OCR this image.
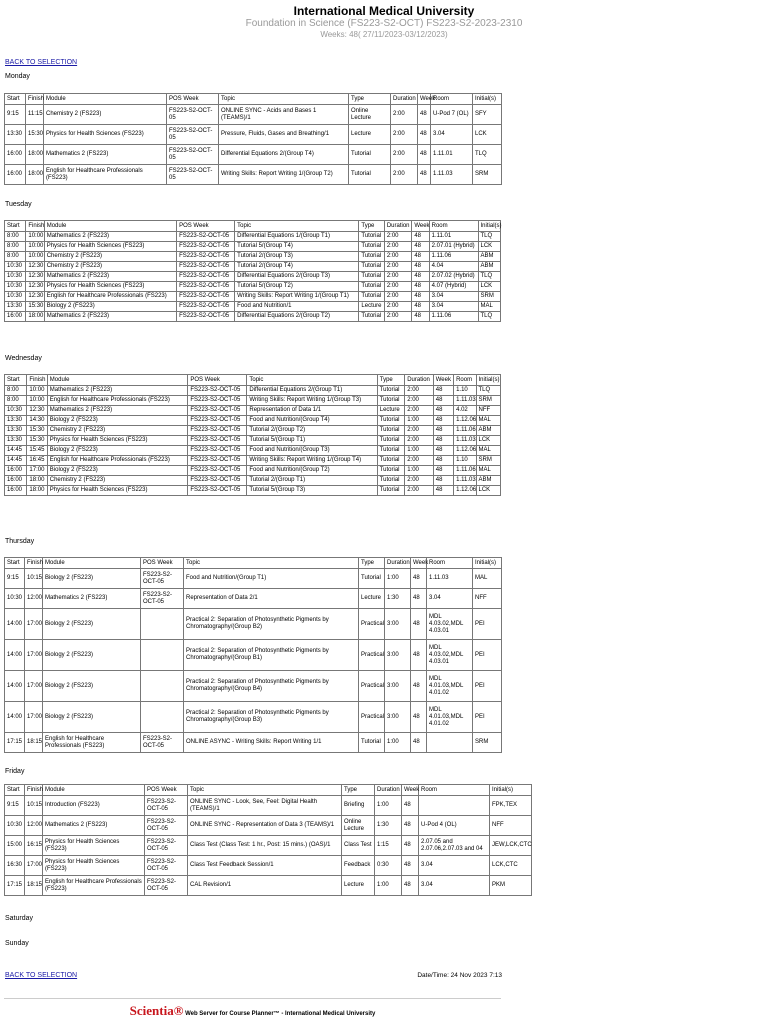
International Medical University
Foundation in Science (FS223-S2-OCT) FS223-S2-2023-2310
Weeks: 48( 27/11/2023-03/12/2023)
BACK TO SELECTION
Monday
Start	Finish	Module	POS Week	Topic	Type	Duration	Week	Room	Initial(s)
9:15	11:15	Chemistry 2 (FS223)	FS223-S2-OCT-05	ONLINE SYNC - Acids and Bases 1 (TEAMS)/1	Online Lecture	2:00	48	U-Pod 7 (OL)	SFY
13:30	15:30	Physics for Health Sciences (FS223)	FS223-S2-OCT-05	Pressure, Fluids, Gases and Breathing/1	Lecture	2:00	48	3.04	LCK
16:00	18:00	Mathematics 2 (FS223)	FS223-S2-OCT-05	Differential Equations 2/(Group T4)	Tutorial	2:00	48	1.11.01	TLQ
16:00	18:00	English for Healthcare Professionals (FS223)	FS223-S2-OCT-05	Writing Skills: Report Writing 1/(Group T2)	Tutorial	2:00	48	1.11.03	SRM
Tuesday
Start	Finish	Module	POS Week	Topic	Type	Duration	Week	Room	Initial(s)
8:00	10:00	Mathematics 2 (FS223)	FS223-S2-OCT-05	Differential Equations 1/(Group T1)	Tutorial	2:00	48	1.11.01	TLQ
8:00	10:00	Physics for Health Sciences (FS223)	FS223-S2-OCT-05	Tutorial 5/(Group T4)	Tutorial	2:00	48	2.07.01 (Hybrid)	LCK
8:00	10:00	Chemistry 2 (FS223)	FS223-S2-OCT-05	Tutorial 2/(Group T3)	Tutorial	2:00	48	1.11.06	ABM
10:30	12:30	Chemistry 2 (FS223)	FS223-S2-OCT-05	Tutorial 2/(Group T4)	Tutorial	2:00	48	4.04	ABM
10:30	12:30	Mathematics 2 (FS223)	FS223-S2-OCT-05	Differential Equations 2/(Group T3)	Tutorial	2:00	48	2.07.02 (Hybrid)	TLQ
10:30	12:30	Physics for Health Sciences (FS223)	FS223-S2-OCT-05	Tutorial 5/(Group T2)	Tutorial	2:00	48	4.07 (Hybrid)	LCK
10:30	12:30	English for Healthcare Professionals (FS223)	FS223-S2-OCT-05	Writing Skills: Report Writing 1/(Group T1)	Tutorial	2:00	48	3.04	SRM
13:30	15:30	Biology 2 (FS223)	FS223-S2-OCT-05	Food and Nutrition/1	Lecture	2:00	48	3.04	MAL
16:00	18:00	Mathematics 2 (FS223)	FS223-S2-OCT-05	Differential Equations 2/(Group T2)	Tutorial	2:00	48	1.11.06	TLQ
Wednesday
Start	Finish	Module	POS Week	Topic	Type	Duration	Week	Room	Initial(s)
8:00	10:00	Mathematics 2 (FS223)	FS223-S2-OCT-05	Differential Equations 2/(Group T1)	Tutorial	2:00	48	1.10	TLQ
8:00	10:00	English for Healthcare Professionals (FS223)	FS223-S2-OCT-05	Writing Skills: Report Writing 1/(Group T3)	Tutorial	2:00	48	1.11.03	SRM
10:30	12:30	Mathematics 2 (FS223)	FS223-S2-OCT-05	Representation of Data 1/1	Lecture	2:00	48	4.02	NFF
13:30	14:30	Biology 2 (FS223)	FS223-S2-OCT-05	Food and Nutrition/(Group T4)	Tutorial	1:00	48	1.12.06	MAL
13:30	15:30	Chemistry 2 (FS223)	FS223-S2-OCT-05	Tutorial 2/(Group T2)	Tutorial	2:00	48	1.11.06	ABM
13:30	15:30	Physics for Health Sciences (FS223)	FS223-S2-OCT-05	Tutorial 5/(Group T1)	Tutorial	2:00	48	1.11.03	LCK
14:45	15:45	Biology 2 (FS223)	FS223-S2-OCT-05	Food and Nutrition/(Group T3)	Tutorial	1:00	48	1.12.06	MAL
14:45	16:45	English for Healthcare Professionals (FS223)	FS223-S2-OCT-05	Writing Skills: Report Writing 1/(Group T4)	Tutorial	2:00	48	1.10	SRM
16:00	17:00	Biology 2 (FS223)	FS223-S2-OCT-05	Food and Nutrition/(Group T2)	Tutorial	1:00	48	1.11.06	MAL
16:00	18:00	Chemistry 2 (FS223)	FS223-S2-OCT-05	Tutorial 2/(Group T1)	Tutorial	2:00	48	1.11.03	ABM
16:00	18:00	Physics for Health Sciences (FS223)	FS223-S2-OCT-05	Tutorial 5/(Group T3)	Tutorial	2:00	48	1.12.06	LCK
Thursday
Start	Finish	Module	POS Week	Topic	Type	Duration	Week	Room	Initial(s)
9:15	10:15	Biology 2 (FS223)	FS223-S2-OCT-05	Food and Nutrition/(Group T1)	Tutorial	1:00	48	1.11.03	MAL
10:30	12:00	Mathematics 2 (FS223)	FS223-S2-OCT-05	Representation of Data 2/1	Lecture	1:30	48	3.04	NFF
14:00	17:00	Biology 2 (FS223)		Practical 2: Separation of Photosynthetic Pigments by Chromatography/(Group B2)	Practical	3:00	48	MDL 4.03.02,MDL 4.03.01	PEI
14:00	17:00	Biology 2 (FS223)		Practical 2: Separation of Photosynthetic Pigments by Chromatography/(Group B1)	Practical	3:00	48	MDL 4.03.02,MDL 4.03.01	PEI
14:00	17:00	Biology 2 (FS223)		Practical 2: Separation of Photosynthetic Pigments by Chromatography/(Group B4)	Practical	3:00	48	MDL 4.01.03,MDL 4.01.02	PEI
14:00	17:00	Biology 2 (FS223)		Practical 2: Separation of Photosynthetic Pigments by Chromatography/(Group B3)	Practical	3:00	48	MDL 4.01.03,MDL 4.01.02	PEI
17:15	18:15	English for Healthcare Professionals (FS223)	FS223-S2-OCT-05	ONLINE ASYNC - Writing Skills: Report Writing 1/1	Tutorial	1:00	48		SRM
Friday
Start	Finish	Module	POS Week	Topic	Type	Duration	Week	Room	Initial(s)
9:15	10:15	Introduction (FS223)	FS223-S2-OCT-05	ONLINE SYNC - Look, See, Feel: Digital Health (TEAMS)/1	Briefing	1:00	48		FPK,TEX
10:30	12:00	Mathematics 2 (FS223)	FS223-S2-OCT-05	ONLINE SYNC - Representation of Data 3 (TEAMS)/1	Online Lecture	1:30	48	U-Pod 4 (OL)	NFF
15:00	16:15	Physics for Health Sciences (FS223)	FS223-S2-OCT-05	Class Test (Class Test: 1 hr., Post: 15 mins.) (OAS)/1	Class Test	1:15	48	2.07.05 and 2.07.06,2.07.03 and 04	JEW,LCK,CTC
16:30	17:00	Physics for Health Sciences (FS223)	FS223-S2-OCT-05	Class Test Feedback Session/1	Feedback	0:30	48	3.04	LCK,CTC
17:15	18:15	English for Healthcare Professionals (FS223)	FS223-S2-OCT-05	CAL Revision/1	Lecture	1:00	48	3.04	PKM
Saturday
Sunday
BACK TO SELECTION	Date/Time: 24 Nov 2023 7:13
Scientia® Web Server for Course Planner™ - International Medical University
